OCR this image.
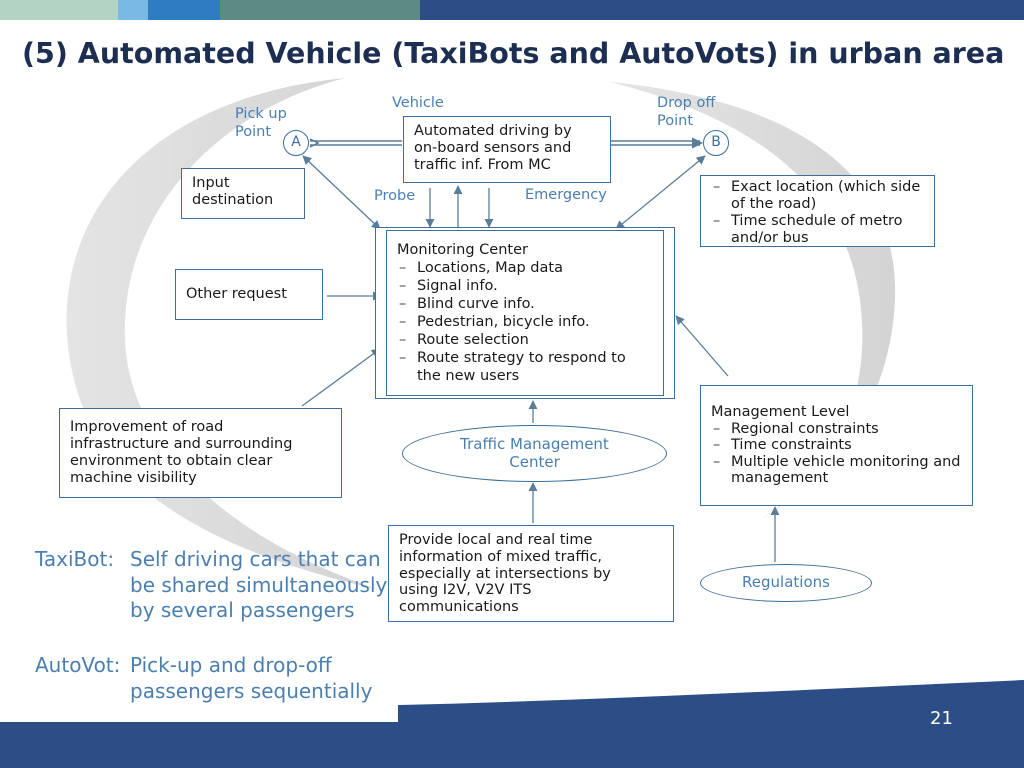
(5) Automated Vehicle (TaxiBots and AutoVots) in urban area
Vehicle
Automated driving by
on-board sensors and
traffic inf. From MC
Pick up
Point
A
Drop off
Point
B
Input
destination	Probe	Emergency
–	Exact location (which side of the road)
– Time schedule of metro and/or bus
Other request
Monitoring Center
– Locations, Map data
– Signal info.
– Blind curve info.
– Pedestrian, bicycle info.
– Route selection
– Route strategy to respond to the new users
Improvement of road
infrastructure and surrounding
environment to obtain clear
machine visibility
Traffic Management
Center
Management Level
– Regional constraints
– Time constraints
– Multiple vehicle monitoring and management
Provide local and real time
information of mixed traffic,
especially at intersections by
using I2V, V2V ITS
communications
Regulations
TaxiBot: Self driving cars that can be shared simultaneously by several passengers
AutoVot: Pick-up and drop-off passengers sequentially
21
